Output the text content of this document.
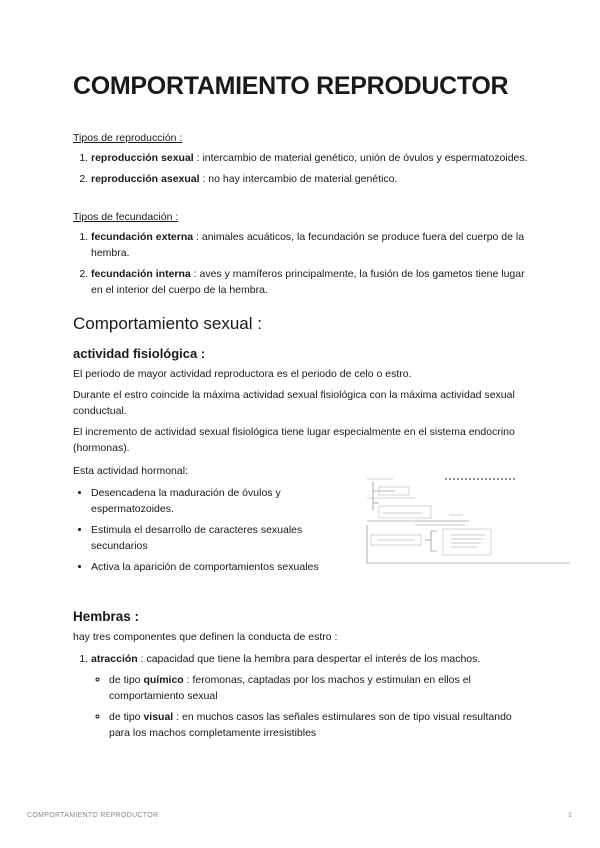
COMPORTAMIENTO REPRODUCTOR

Tipos de reproducción :

1. reproducción sexual : intercambio de material genético, unión de óvulos y espermatozoides.
2. reproducción asexual : no hay intercambio de material genético.

Tipos de fecundación :

1. fecundación externa : animales acuáticos, la fecundación se produce fuera del cuerpo de la hembra.
2. fecundación interna : aves y mamíferos principalmente, la fusión de los gametos tiene lugar en el interior del cuerpo de la hembra.
Comportamiento sexual :
actividad fisiológica :

El periodo de mayor actividad reproductora es el periodo de celo o estro.

Durante el estro coincide la máxima actividad sexual fisiológica con la máxima actividad sexual conductual.

El incremento de actividad sexual fisiológica tiene lugar especialmente en el sistema endocrino (hormonas).

Esta actividad hormonal:

• Desencadena la maduración de óvulos y espermatozoides.
• Estimula el desarrollo de caracteres sexuales secundarios
• Activa la aparición de comportamientos sexuales
Hembras :

hay tres componentes que definen la conducta de estro :

1. atracción : capacidad que tiene la hembra para despertar el interés de los machos.
◦ de tipo químico : feromonas, captadas por los machos y estimulan en ellos el comportamiento sexual
◦ de tipo visual : en muchos casos las señales estimulares son de tipo visual resultando para los machos completamente irresistibles
COMPORTAMIENTO REPRODUCTOR	1
